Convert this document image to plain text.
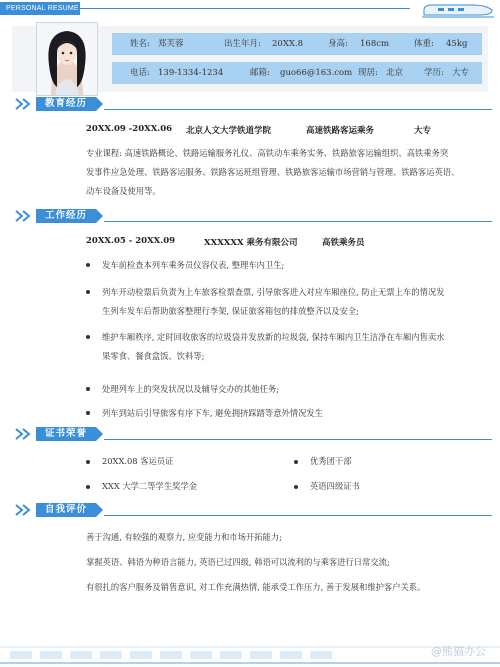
PERSONAL RESUME
姓名: 郑芙蓉	出生年月: 20XX.8	身高: 168cm	体重: 45kg
电话: 139-1334-1234	邮箱: guo66@163.com 现居: 北京 学历: 大专
教育经历
20XX.09 -20XX.06 北京人文大学铁道学院	高速铁路客运乘务	大专
专业课程: 高速铁路概论、铁路运输服务礼仪、高铁动车乘务实务、铁路旅客运输组织、高铁乘务突
发事件应急处理、铁路客运服务、铁路客运班组管理、铁路旅客运输市场营销与管理、铁路客运英语、
动车设备及使用等。
工作经历
20XX.05 - 20XX.09	XXXXXX 乘务有限公司	高铁乘务员
发车前检查本列车乘务员仪容仪表, 整理车内卫生;
列车开动检票后负责为上车旅客检票查票, 引导旅客进入对应车厢座位, 防止无票上车的情况发
生列车发车后帮助旅客整理行李架, 保证旅客箱包的排放整齐以及安全;
维护车厢秩序, 定时回收旅客的垃圾袋并发放新的垃圾袋, 保持车厢内卫生洁净在车厢内售卖水
果零食、餐食盒饭、饮料等;
处理列车上的突发状况以及辅导交办的其他任务;
列车到站后引导旅客有序下车, 避免拥挤踩踏等意外情况发生
证书荣誉
20XX.08 客运员证	优秀团干部
XXX 大学二等学生奖学金	英语四级证书
自我评价
善于沟通, 有较强的观察力, 应变能力和市场开拓能力;
掌握英语、韩语为种语言能力, 英语已过四级, 韩语可以流利的与乘客进行日常交流;
有很扎的客户服务及销售意识, 对工作充满热情, 能承受工作压力, 善于发展和维护客户关系。
@熊猫办公
